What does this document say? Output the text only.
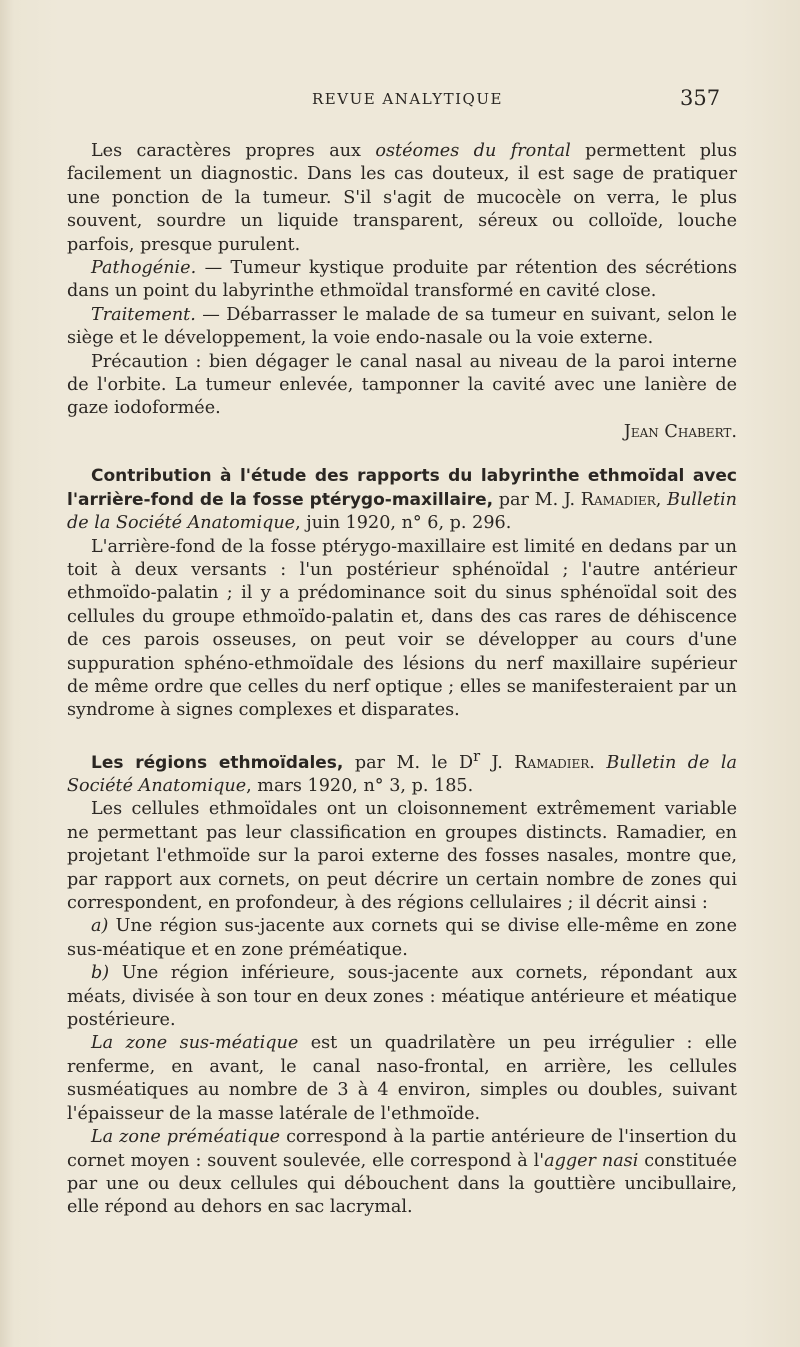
REVUE ANALYTIQUE	357

Les caractères propres aux ostéomes du frontal permettent plus facilement un diagnostic. Dans les cas douteux, il est sage de pratiquer une ponction de la tumeur. S'il s'agit de mucocèle on verra, le plus souvent, sourdre un liquide transparent, séreux ou colloïde, louche parfois, presque purulent.

Pathogénie. — Tumeur kystique produite par rétention des sécrétions dans un point du labyrinthe ethmoïdal transformé en cavité close.

Traitement. — Débarrasser le malade de sa tumeur en suivant, selon le siège et le développement, la voie endo-nasale ou la voie externe.

Précaution : bien dégager le canal nasal au niveau de la paroi interne de l'orbite. La tumeur enlevée, tamponner la cavité avec une lanière de gaze iodoformée.

Jean Chabert.

Contribution à l'étude des rapports du labyrinthe ethmoïdal avec l'arrière-fond de la fosse ptérygo-maxillaire, par M. J. Ramadier, Bulletin de la Société Anatomique, juin 1920, n° 6, p. 296.

L'arrière-fond de la fosse ptérygo-maxillaire est limité en dedans par un toit à deux versants : l'un postérieur sphénoïdal ; l'autre antérieur ethmoïdo-palatin ; il y a prédominance soit du sinus sphénoïdal soit des cellules du groupe ethmoïdo-palatin et, dans des cas rares de déhiscence de ces parois osseuses, on peut voir se développer au cours d'une suppuration sphéno-ethmoïdale des lésions du nerf maxillaire supérieur de même ordre que celles du nerf optique ; elles se manifesteraient par un syndrome à signes complexes et disparates.

Les régions ethmoïdales, par M. le $D^r$ J. Ramadier. Bulletin de la Société Anatomique, mars 1920, n° 3, p. 185.

Les cellules ethmoïdales ont un cloisonnement extrêmement variable ne permettant pas leur classification en groupes distincts. Ramadier, en projetant l'ethmoïde sur la paroi externe des fosses nasales, montre que, par rapport aux cornets, on peut décrire un certain nombre de zones qui correspondent, en profondeur, à des régions cellulaires ; il décrit ainsi :

a) Une région sus-jacente aux cornets qui se divise elle-même en zone sus-méatique et en zone préméatique.

b) Une région inférieure, sous-jacente aux cornets, répondant aux méats, divisée à son tour en deux zones : méatique antérieure et méatique postérieure.

La zone sus-méatique est un quadrilatère un peu irrégulier : elle renferme, en avant, le canal naso-frontal, en arrière, les cellules susméatiques au nombre de 3 à 4 environ, simples ou doubles, suivant l'épaisseur de la masse latérale de l'ethmoïde.

La zone préméatique correspond à la partie antérieure de l'insertion du cornet moyen : souvent soulevée, elle correspond à l'agger nasi constituée par une ou deux cellules qui débouchent dans la gouttière uncibullaire, elle répond au dehors en sac lacrymal.
